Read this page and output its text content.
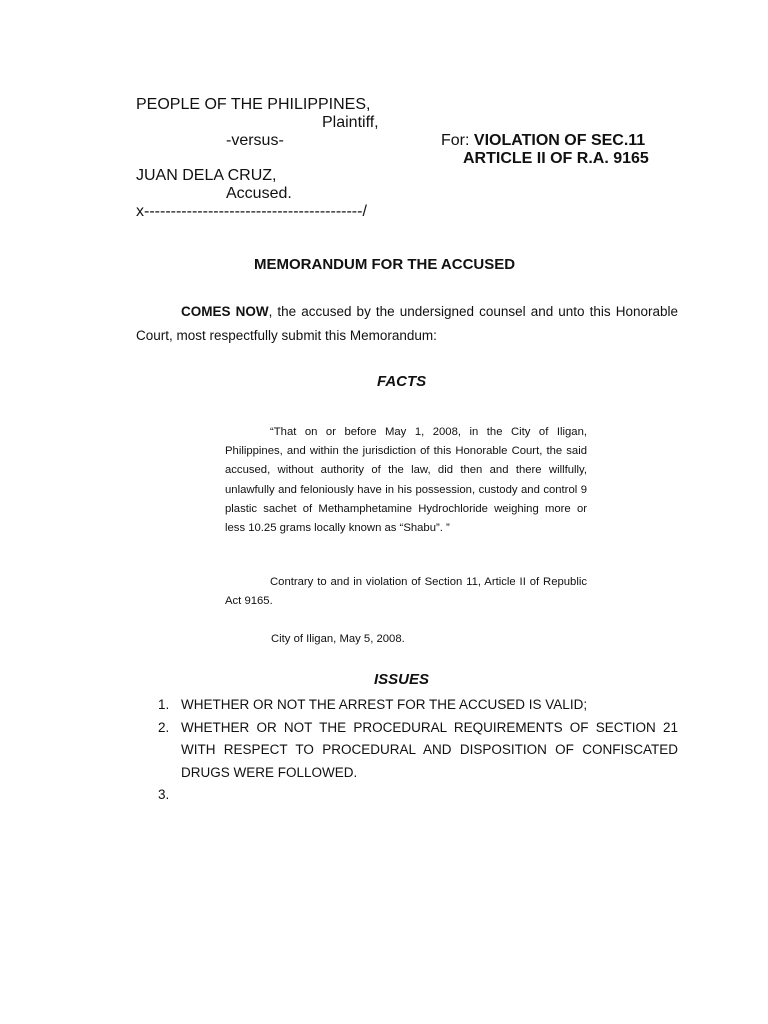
PEOPLE OF THE PHILIPPINES,
Plaintiff,
-versus-	For: VIOLATION OF SEC.11
ARTICLE II OF R.A. 9165
JUAN DELA CRUZ,
Accused.
x-----------------------------------------/
MEMORANDUM FOR THE ACCUSED
COMES NOW, the accused by the undersigned counsel and unto this Honorable Court, most respectfully submit this Memorandum:
FACTS
“That on or before May 1, 2008, in the City of Iligan, Philippines, and within the jurisdiction of this Honorable Court, the said accused, without authority of the law, did then and there willfully, unlawfully and feloniously have in his possession, custody and control 9 plastic sachet of Methamphetamine Hydrochloride weighing more or less 10.25 grams locally known as “Shabu”. ”
Contrary to and in violation of Section 11, Article II of Republic Act 9165.
City of Iligan, May 5, 2008.
ISSUES
1. WHETHER OR NOT THE ARREST FOR THE ACCUSED IS VALID;
2. WHETHER OR NOT THE PROCEDURAL REQUIREMENTS OF SECTION 21 WITH RESPECT TO PROCEDURAL AND DISPOSITION OF CONFISCATED DRUGS WERE FOLLOWED.
3.
